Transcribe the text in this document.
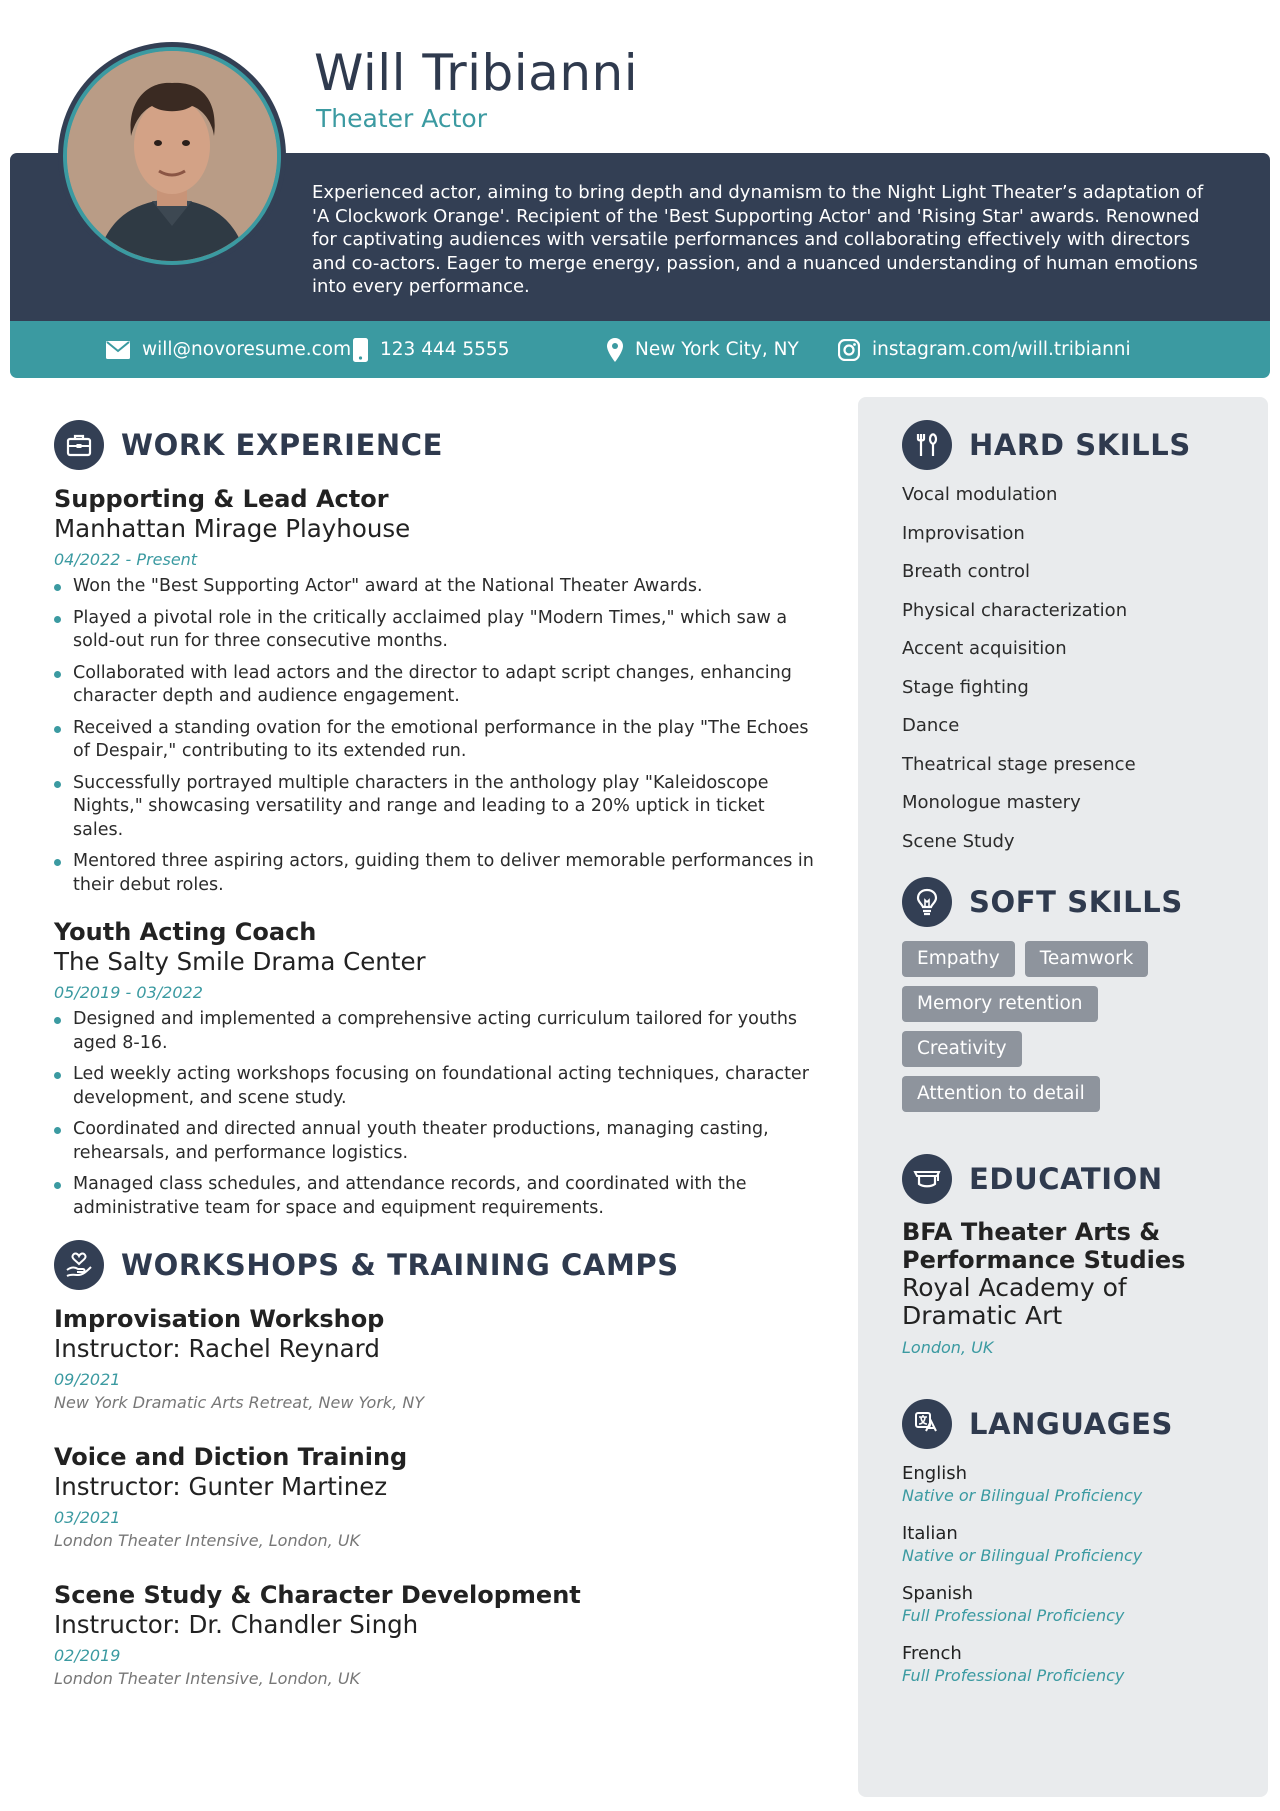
Will Tribianni
Theater Actor
Experienced actor, aiming to bring depth and dynamism to the Night Light Theater’s adaptation of 'A Clockwork Orange'. Recipient of the 'Best Supporting Actor' and 'Rising Star' awards. Renowned for captivating audiences with versatile performances and collaborating effectively with directors and co-actors. Eager to merge energy, passion, and a nuanced understanding of human emotions into every performance.
will@novoresume.com 123 444 5555	New York City, NY	instagram.com/will.tribianni
WORK EXPERIENCE
Supporting & Lead Actor
Manhattan Mirage Playhouse
04/2022 - Present
Won the "Best Supporting Actor" award at the National Theater Awards.
Played a pivotal role in the critically acclaimed play "Modern Times," which saw a sold-out run for three consecutive months.
Collaborated with lead actors and the director to adapt script changes, enhancing character depth and audience engagement.
Received a standing ovation for the emotional performance in the play "The Echoes of Despair," contributing to its extended run.
Successfully portrayed multiple characters in the anthology play "Kaleidoscope Nights," showcasing versatility and range and leading to a 20% uptick in ticket sales.
Mentored three aspiring actors, guiding them to deliver memorable performances in their debut roles.
Youth Acting Coach
The Salty Smile Drama Center
05/2019 - 03/2022
Designed and implemented a comprehensive acting curriculum tailored for youths aged 8-16.
Led weekly acting workshops focusing on foundational acting techniques, character development, and scene study.
Coordinated and directed annual youth theater productions, managing casting, rehearsals, and performance logistics.
Managed class schedules, and attendance records, and coordinated with the administrative team for space and equipment requirements.
WORKSHOPS & TRAINING CAMPS
Improvisation Workshop
Instructor: Rachel Reynard
09/2021
New York Dramatic Arts Retreat, New York, NY
Voice and Diction Training
Instructor: Gunter Martinez
03/2021
London Theater Intensive, London, UK
Scene Study & Character Development
Instructor: Dr. Chandler Singh
02/2019
London Theater Intensive, London, UK
HARD SKILLS
Vocal modulation
Improvisation
Breath control
Physical characterization
Accent acquisition
Stage fighting
Dance
Theatrical stage presence
Monologue mastery
Scene Study
SOFT SKILLS
Empathy	Teamwork
Memory retention
Creativity
Attention to detail
EDUCATION
BFA Theater Arts & Performance Studies
Royal Academy of Dramatic Art
London, UK
LANGUAGES
English
Native or Bilingual Proficiency
Italian
Native or Bilingual Proficiency
Spanish
Full Professional Proficiency
French
Full Professional Proficiency
